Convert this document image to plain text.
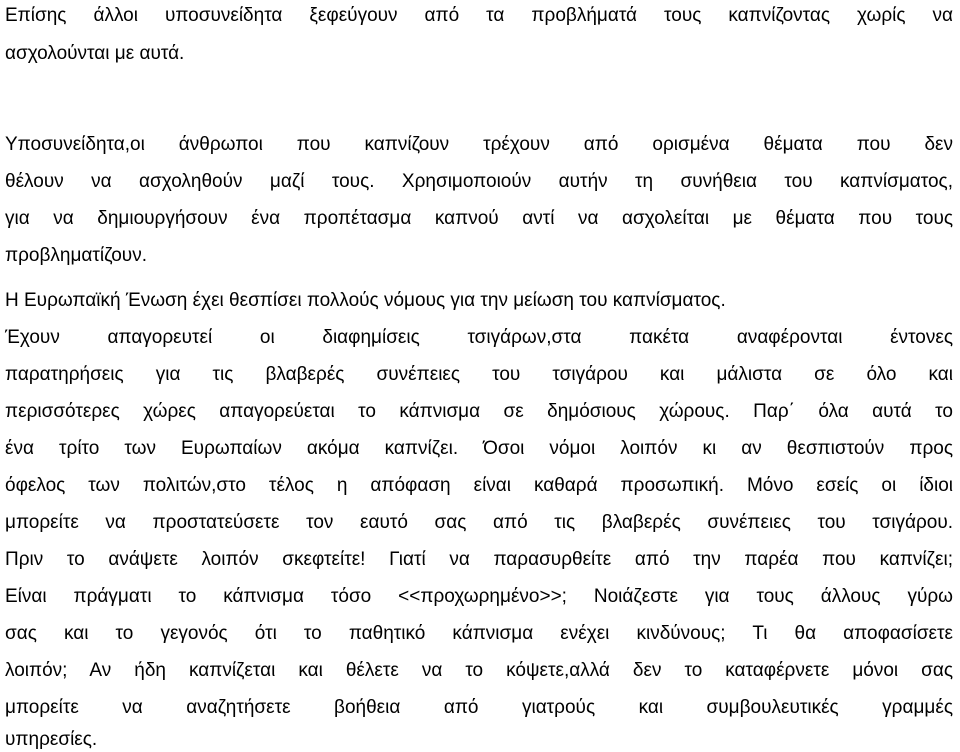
Επίσης άλλοι υποσυνείδητα ξεφεύγουν από τα προβλήματά τους καπνίζοντας χωρίς να
ασχολούνται με αυτά.
Υποσυνείδητα,οι άνθρωποι που καπνίζουν τρέχουν από ορισμένα θέματα που δεν
θέλουν να ασχοληθούν μαζί τους. Χρησιμοποιούν αυτήν τη συνήθεια του καπνίσματος,
για να δημιουργήσουν ένα προπέτασμα καπνού αντί να ασχολείται με θέματα που τους
προβληματίζουν.
Η Ευρωπαϊκή Ένωση έχει θεσπίσει πολλούς νόμους για την μείωση του καπνίσματος.
Έχουν απαγορευτεί οι διαφημίσεις τσιγάρων,στα πακέτα αναφέρονται έντονες
παρατηρήσεις για τις βλαβερές συνέπειες του τσιγάρου και μάλιστα σε όλο και
περισσότερες χώρες απαγορεύεται το κάπνισμα σε δημόσιους χώρους. Παρ΄ όλα αυτά το
ένα τρίτο των Ευρωπαίων ακόμα καπνίζει. Όσοι νόμοι λοιπόν κι αν θεσπιστούν προς
όφελος των πολιτών,στο τέλος η απόφαση είναι καθαρά προσωπική. Μόνο εσείς οι ίδιοι
μπορείτε να προστατεύσετε τον εαυτό σας από τις βλαβερές συνέπειες του τσιγάρου.
Πριν το ανάψετε λοιπόν σκεφτείτε! Γιατί να παρασυρθείτε από την παρέα που καπνίζει;
Είναι πράγματι το κάπνισμα τόσο <<προχωρημένο>>; Νοιάζεστε για τους άλλους γύρω
σας και το γεγονός ότι το παθητικό κάπνισμα ενέχει κινδύνους; Τι θα αποφασίσετε
λοιπόν; Αν ήδη καπνίζεται και θέλετε να το κόψετε,αλλά δεν το καταφέρνετε μόνοι σας
μπορείτε να αναζητήσετε βοήθεια από γιατρούς και συμβουλευτικές γραμμές
υπηρεσίες.
